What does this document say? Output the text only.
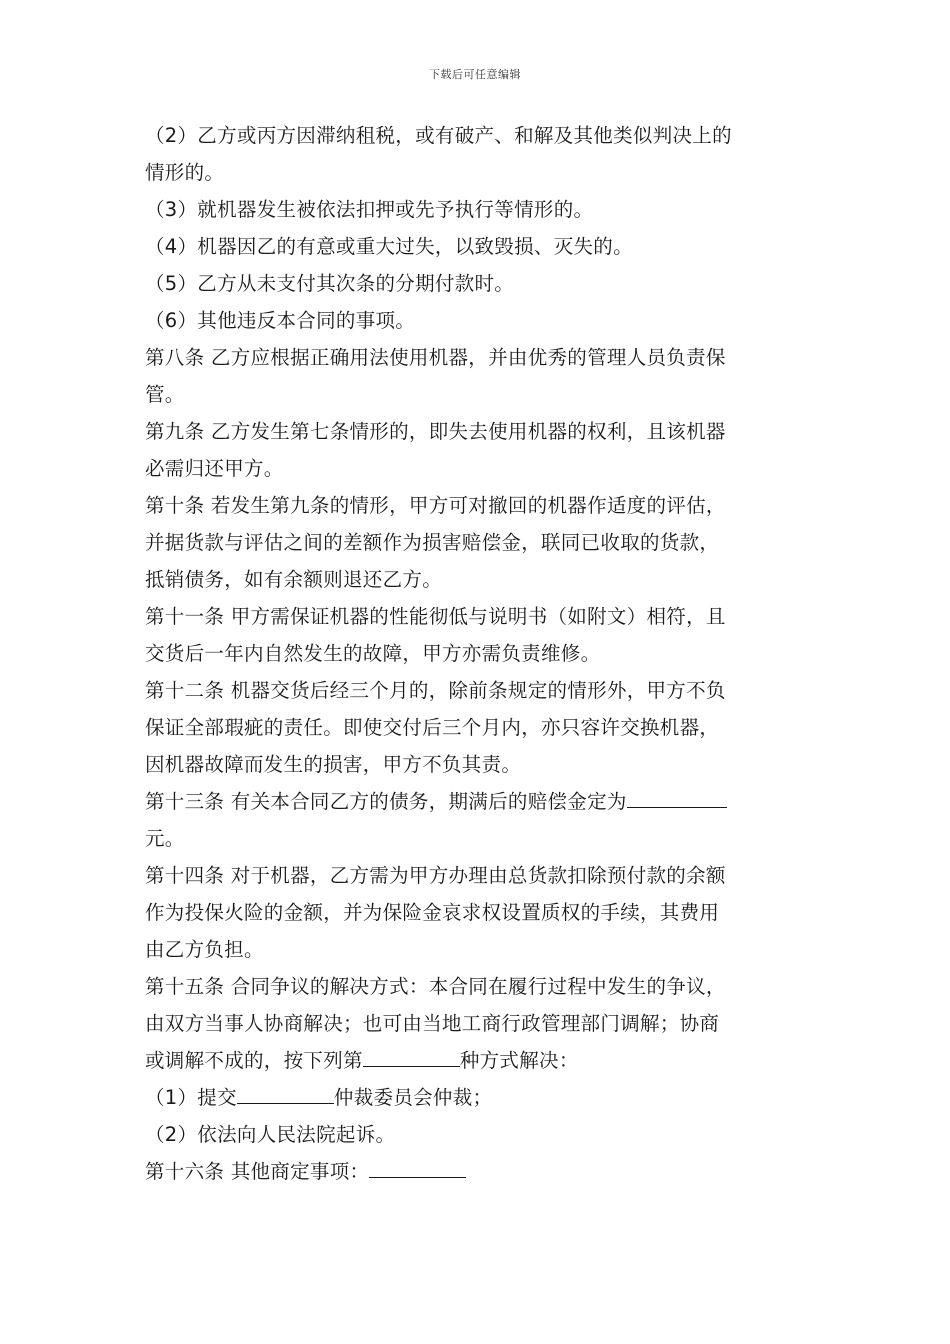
下载后可任意编辑
（2）乙方或丙方因滞纳租税，或有破产、和解及其他类似判决上的
情形的。
（3）就机器发生被依法扣押或先予执行等情形的。
（4）机器因乙的有意或重大过失，以致毁损、灭失的。
（5）乙方从未支付其次条的分期付款时。
（6）其他违反本合同的事项。
第八条 乙方应根据正确用法使用机器，并由优秀的管理人员负责保
管。
第九条 乙方发生第七条情形的，即失去使用机器的权利，且该机器
必需归还甲方。
第十条 若发生第九条的情形，甲方可对撤回的机器作适度的评估，
并据货款与评估之间的差额作为损害赔偿金，联同已收取的货款，
抵销债务，如有余额则退还乙方。
第十一条 甲方需保证机器的性能彻低与说明书（如附文）相符，且
交货后一年内自然发生的故障，甲方亦需负责维修。
第十二条 机器交货后经三个月的，除前条规定的情形外，甲方不负
保证全部瑕疵的责任。即使交付后三个月内，亦只容许交换机器，
因机器故障而发生的损害，甲方不负其责。
第十三条 有关本合同乙方的债务，期满后的赔偿金定为
元。
第十四条 对于机器，乙方需为甲方办理由总货款扣除预付款的余额
作为投保火险的金额，并为保险金哀求权设置质权的手续，其费用
由乙方负担。
第十五条 合同争议的解决方式：本合同在履行过程中发生的争议，
由双方当事人协商解决；也可由当地工商行政管理部门调解；协商
或调解不成的，按下列第	种方式解决：
（1）提交	仲裁委员会仲裁；
（2）依法向人民法院起诉。
第十六条 其他商定事项：
